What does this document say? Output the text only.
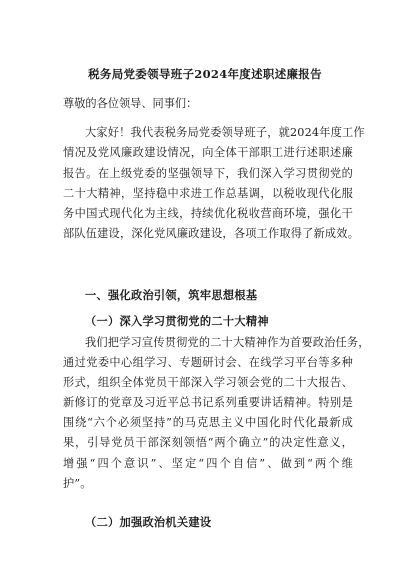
税务局党委领导班子2024年度述职述廉报告
尊敬的各位领导、同事们：
大家好！我代表税务局党委领导班子，就2024年度工作
情况及党风廉政建设情况，向全体干部职工进行述职述廉
报告。在上级党委的坚强领导下，我们深入学习贯彻党的
二十大精神，坚持稳中求进工作总基调，以税收现代化服
务中国式现代化为主线，持续优化税收营商环境，强化干
部队伍建设，深化党风廉政建设，各项工作取得了新成效。
一、强化政治引领，筑牢思想根基
（一）深入学习贯彻党的二十大精神
我们把学习宣传贯彻党的二十大精神作为首要政治任务，
通过党委中心组学习、专题研讨会、在线学习平台等多种
形式，组织全体党员干部深入学习领会党的二十大报告、
新修订的党章及习近平总书记系列重要讲话精神。特别是
围绕“六个必须坚持”的马克思主义中国化时代化最新成
果，引导党员干部深刻领悟“两个确立”的决定性意义，
增强“四个意识”、坚定“四个自信”、做到“两个维
护”。
（二）加强政治机关建设
